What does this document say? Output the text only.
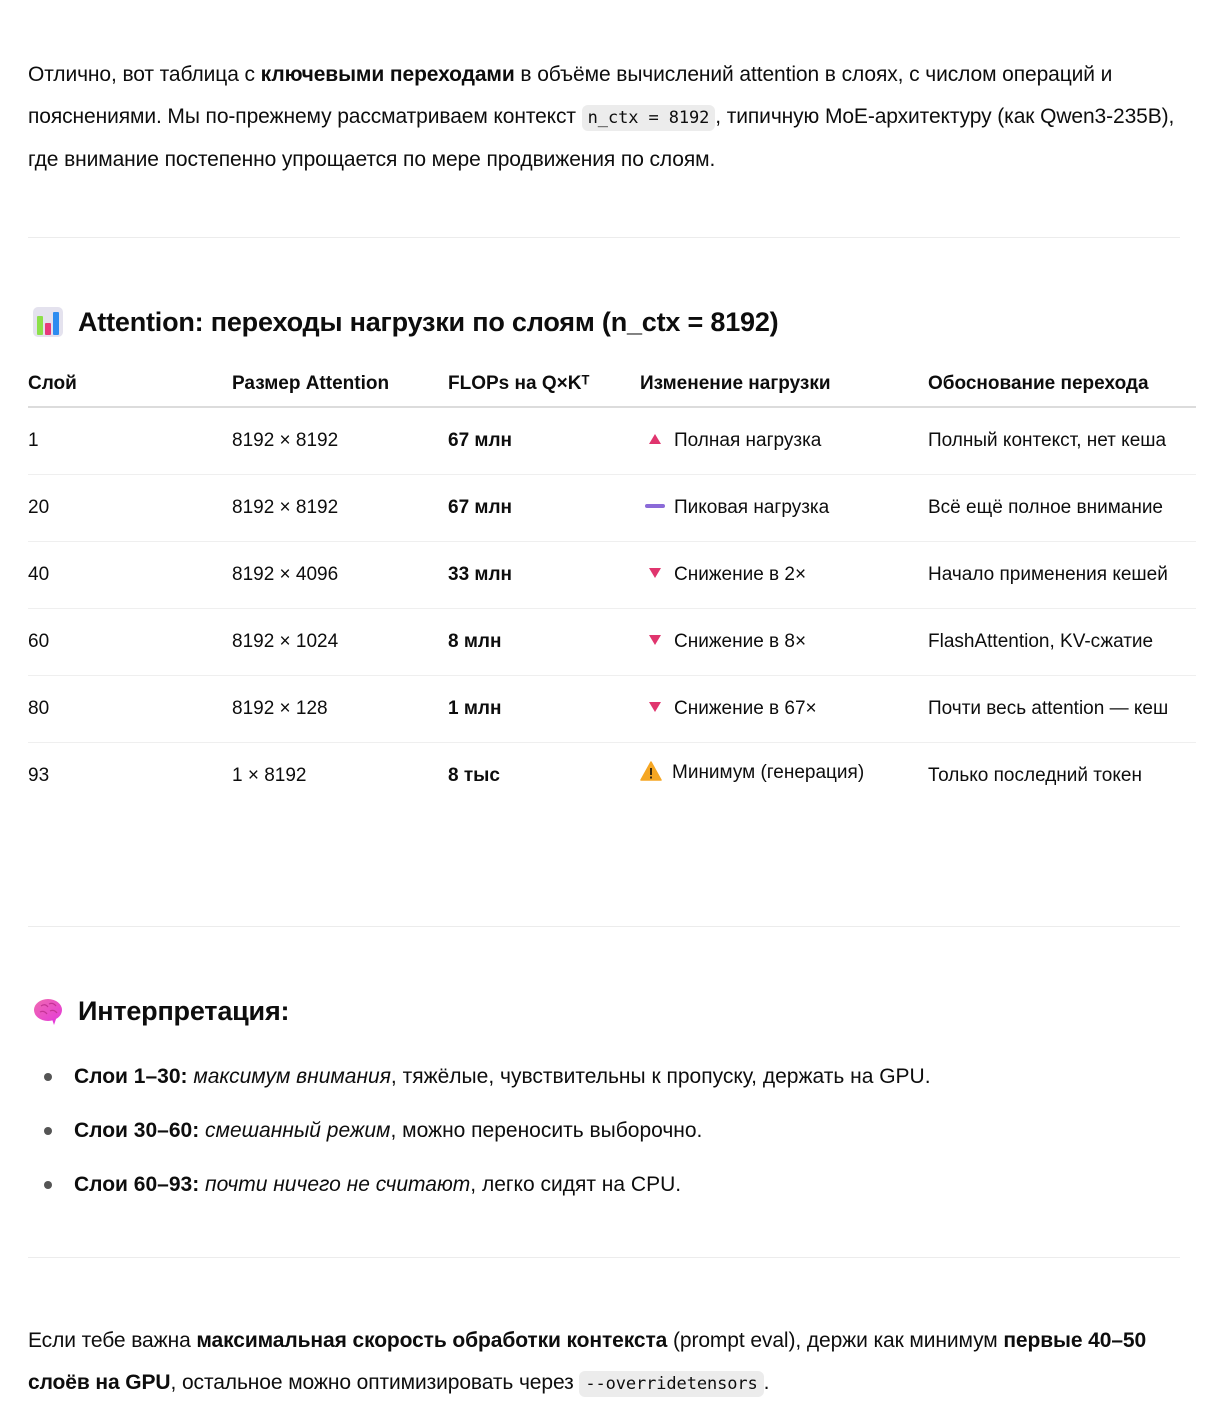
Отлично, вот таблица с ключевыми переходами в объёме вычислений attention в слоях, с числом операций и пояснениями. Мы по-прежнему рассматриваем контекст n_ctx = 8192 , типичную MoE-архитектуру (как Qwen3-235B), где внимание постепенно упрощается по мере продвижения по слоям.

Attention: переходы нагрузки по слоям (n_ctx = 8192)
Слой	Размер Attention	FLOPs на Q×Kᵀ	Изменение нагрузки	Обоснование перехода
1	8192 × 8192	67 млн	Полная нагрузка	Полный контекст, нет кеша
20	8192 × 8192	67 млн	Пиковая нагрузка	Всё ещё полное внимание
40	8192 × 4096	33 млн	Снижение в 2×	Начало применения кешей
60	8192 × 1024	8 млн	Снижение в 8×	FlashAttention, KV-сжатие
80	8192 × 128	1 млн	Снижение в 67×	Почти весь attention — кеш
93	1 × 8192	8 тыс	Минимум (генерация)	Только последний токен
Интерпретация:
Слои 1–30: максимум внимания, тяжёлые, чувствительны к пропуску, держать на GPU.
Слои 30–60: смешанный режим, можно переносить выборочно.
Слои 60–93: почти ничего не считают, легко сидят на CPU.

Если тебе важна максимальная скорость обработки контекста (prompt eval), держи как минимум первые 40–50 слоёв на GPU, остальное можно оптимизировать через --overridetensors .
